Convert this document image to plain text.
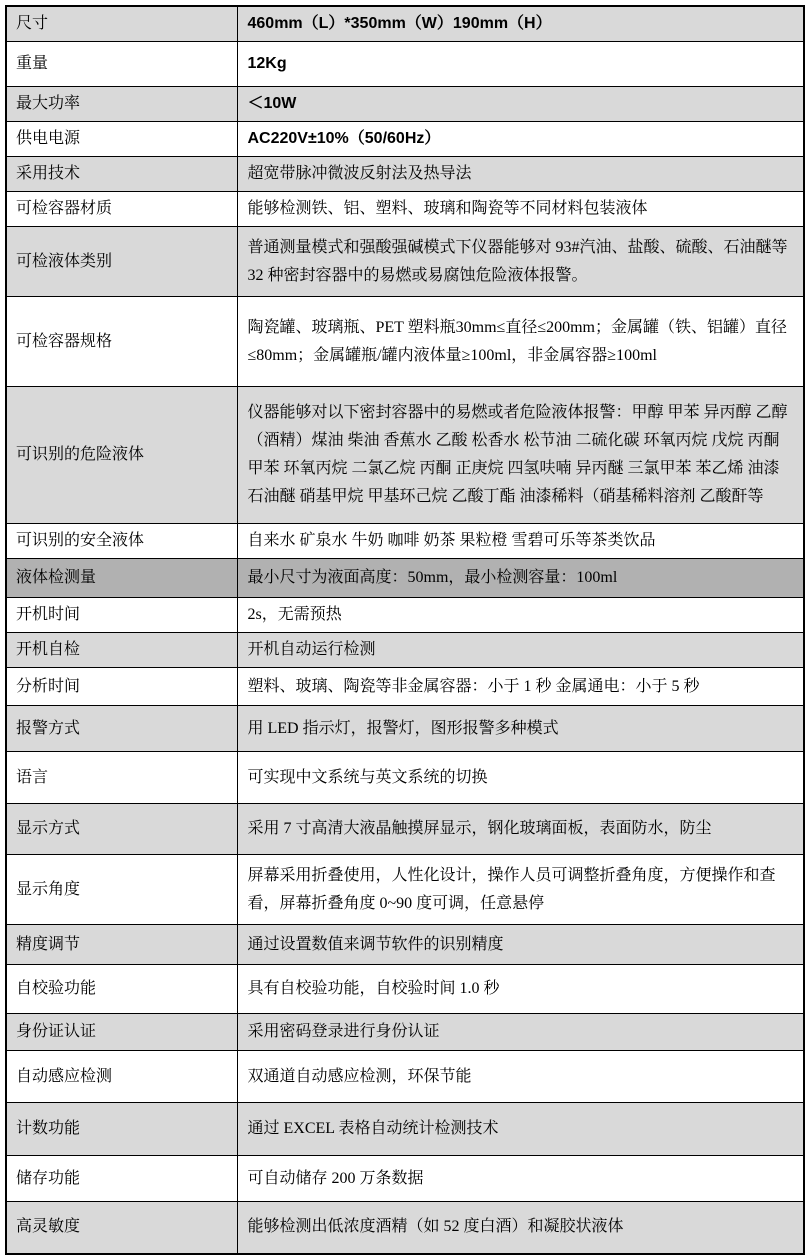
尺寸	460mm（L）*350mm（W）190mm（H）
重量	12Kg
最大功率	＜10W
供电电源	AC220V±10%（50/60Hz）
采用技术	超宽带脉冲微波反射法及热导法
可检容器材质	能够检测铁、铝、塑料、玻璃和陶瓷等不同材料包装液体
可检液体类别	普通测量模式和强酸强碱模式下仪器能够对 93#汽油、盐酸、硫酸、石油醚等 32 种密封容器中的易燃或易腐蚀危险液体报警。
可检容器规格	陶瓷罐、玻璃瓶、PET 塑料瓶30mm≤直径≤200mm；金属罐（铁、铝罐）直径≤80mm；金属罐瓶/罐内液体量≥100ml，非金属容器≥100ml
可识别的危险液体	仪器能够对以下密封容器中的易燃或者危险液体报警：甲醇 甲苯 异丙醇 乙醇（酒精）煤油 柴油 香蕉水 乙酸 松香水 松节油 二硫化碳 环氧丙烷 戊烷 丙酮 甲苯 环氧丙烷 二氯乙烷 丙酮 正庚烷 四氢呋喃 异丙醚 三氯甲苯 苯乙烯 油漆 石油醚 硝基甲烷 甲基环己烷 乙酸丁酯 油漆稀料（硝基稀料溶剂 乙酸酐等
可识别的安全液体	自来水 矿泉水 牛奶 咖啡 奶茶 果粒橙 雪碧可乐等茶类饮品
液体检测量	最小尺寸为液面高度：50mm，最小检测容量：100ml
开机时间	2s，无需预热
开机自检	开机自动运行检测
分析时间	塑料、玻璃、陶瓷等非金属容器：小于 1 秒 金属通电：小于 5 秒
报警方式	用 LED 指示灯，报警灯，图形报警多种模式
语言	可实现中文系统与英文系统的切换
显示方式	采用 7 寸高清大液晶触摸屏显示，钢化玻璃面板，表面防水，防尘
显示角度	屏幕采用折叠使用，人性化设计，操作人员可调整折叠角度，方便操作和查看，屏幕折叠角度 0~90 度可调，任意悬停
精度调节	通过设置数值来调节软件的识别精度
自校验功能	具有自校验功能，自校验时间 1.0 秒
身份证认证	采用密码登录进行身份认证
自动感应检测	双通道自动感应检测，环保节能
计数功能	通过 EXCEL 表格自动统计检测技术
储存功能	可自动储存 200 万条数据
高灵敏度	能够检测出低浓度酒精（如 52 度白酒）和凝胶状液体
